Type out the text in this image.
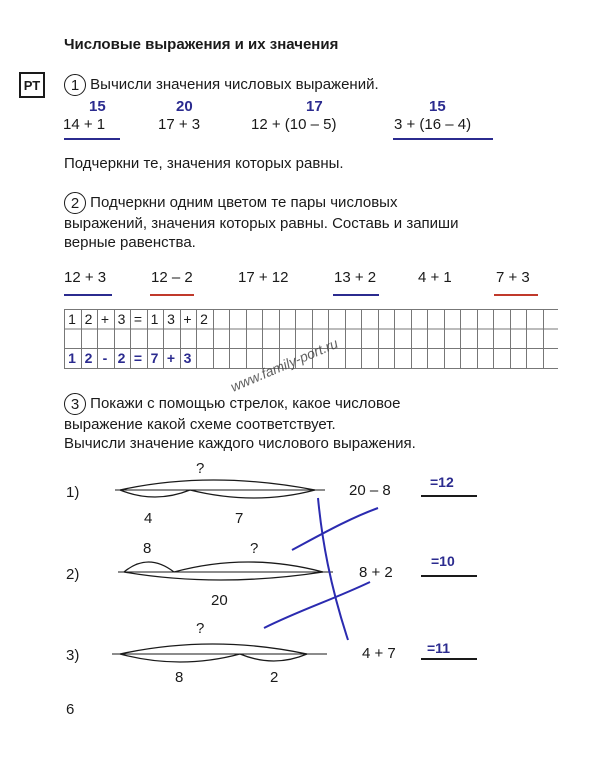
Числовые выражения и их значения
РТ	1 Вычисли значения числовых выражений.
15	20	17	15
14 + 1	17 + 3	12 + (10 – 5)	3 + (16 – 4)
Подчеркни те, значения которых равны.
2 Подчеркни одним цветом те пары числовых
выражений, значения которых равны. Составь и запиши
верные равенства.
12 + 3	12 – 2	17 + 12	13 + 2	4 + 1	7 + 3
1 2 + 3 = 1 3 + 2
1 2 - 2 = 7 + 3	www.family-port.ru
3 Покажи с помощью стрелок, какое числовое
выражение какой схеме соответствует.
Вычисли значение каждого числового выражения.
1)
?
4	7
2)
8	?
20
3)
?
8	2
20 – 8
8 + 2
4 + 7
=12
=10
=11
6
